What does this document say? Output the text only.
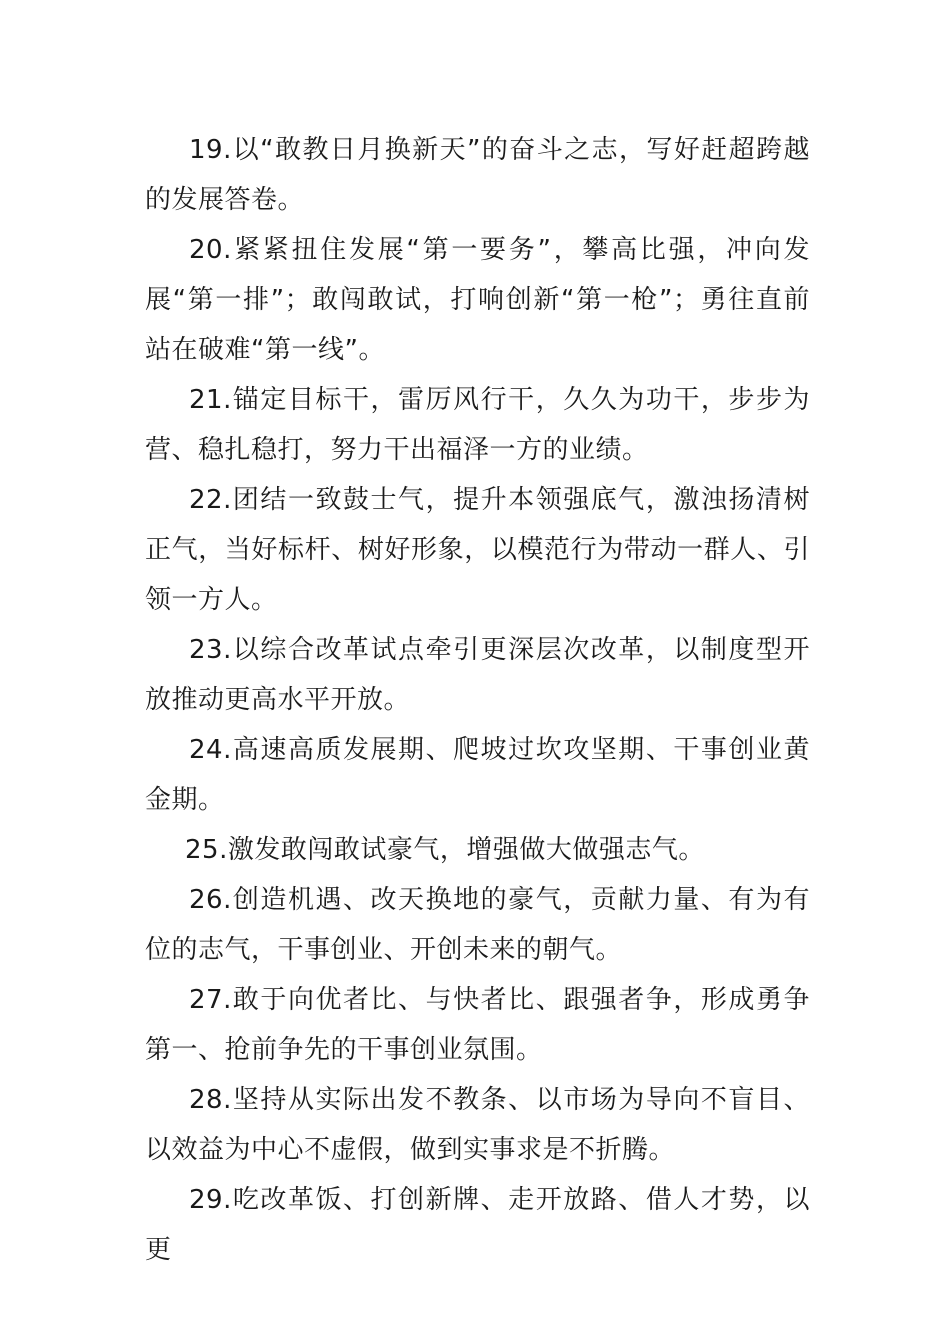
19.以“敢教日月换新天”的奋斗之志，写好赶超跨越的发展答卷。

20.紧紧扭住发展“第一要务”，攀高比强，冲向发展“第一排”；敢闯敢试，打响创新“第一枪”；勇往直前站在破难“第一线”。

21.锚定目标干，雷厉风行干，久久为功干，步步为营、稳扎稳打，努力干出福泽一方的业绩。

22.团结一致鼓士气，提升本领强底气，激浊扬清树正气，当好标杆、树好形象，以模范行为带动一群人、引领一方人。

23.以综合改革试点牵引更深层次改革，以制度型开放推动更高水平开放。

24.高速高质发展期、爬坡过坎攻坚期、干事创业黄金期。

25.激发敢闯敢试豪气，增强做大做强志气。

26.创造机遇、改天换地的豪气，贡献力量、有为有位的志气，干事创业、开创未来的朝气。

27.敢于向优者比、与快者比、跟强者争，形成勇争第一、抢前争先的干事创业氛围。

28.坚持从实际出发不教条、以市场为导向不盲目、以效益为中心不虚假，做到实事求是不折腾。

29.吃改革饭、打创新牌、走开放路、借人才势，以更
